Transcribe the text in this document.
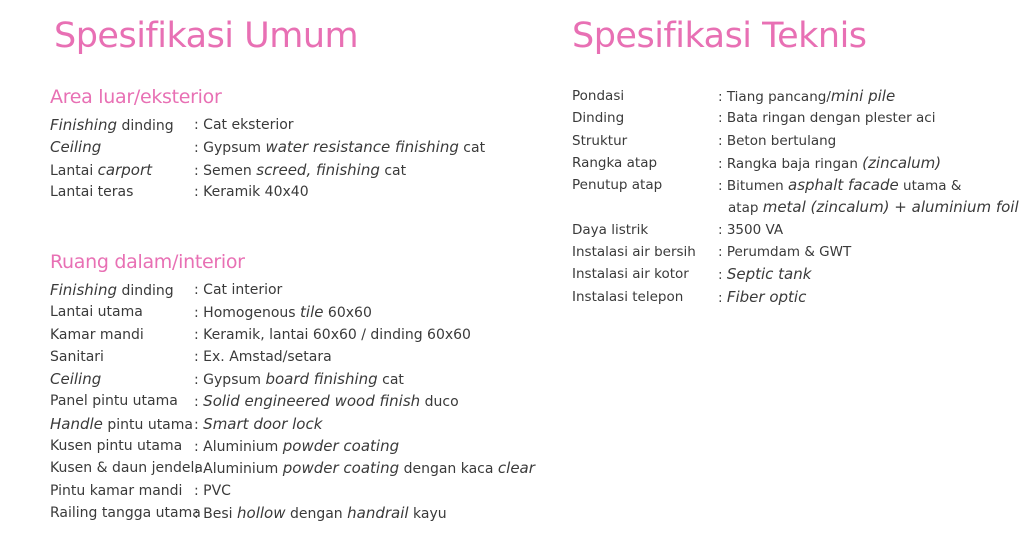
Spesifikasi Umum
Area luar/eksterior
Finishing dinding	: Cat eksterior
Ceiling	: Gypsum water resistance finishing cat
Lantai carport	: Semen screed, finishing cat
Lantai teras	: Keramik 40x40
Ruang dalam/interior
Finishing dinding	: Cat interior
Lantai utama	: Homogenous tile 60x60
Kamar mandi	: Keramik, lantai 60x60 / dinding 60x60
Sanitari	: Ex. Amstad/setara
Ceiling	: Gypsum board finishing cat
Panel pintu utama	: Solid engineered wood finish duco
Handle pintu utama : Smart door lock
Kusen pintu utama : Aluminium powder coating
Kusen & daun jendela
: Aluminium powder coating dengan kaca clear
Pintu kamar mandi : PVC
Railing tangga utama
: Besi hollow dengan handrail kayu
Spesifikasi Teknis
Pondasi	: Tiang pancang/mini pile
Dinding	: Bata ringan dengan plester aci
Struktur	: Beton bertulang
Rangka atap	: Rangka baja ringan (zincalum)
Penutup atap	: Bitumen asphalt facade utama &
atap metal (zincalum) + aluminium foil
Daya listrik	: 3500 VA
Instalasi air bersih	: Perumdam & GWT
Instalasi air kotor	: Septic tank
Instalasi telepon	: Fiber optic
